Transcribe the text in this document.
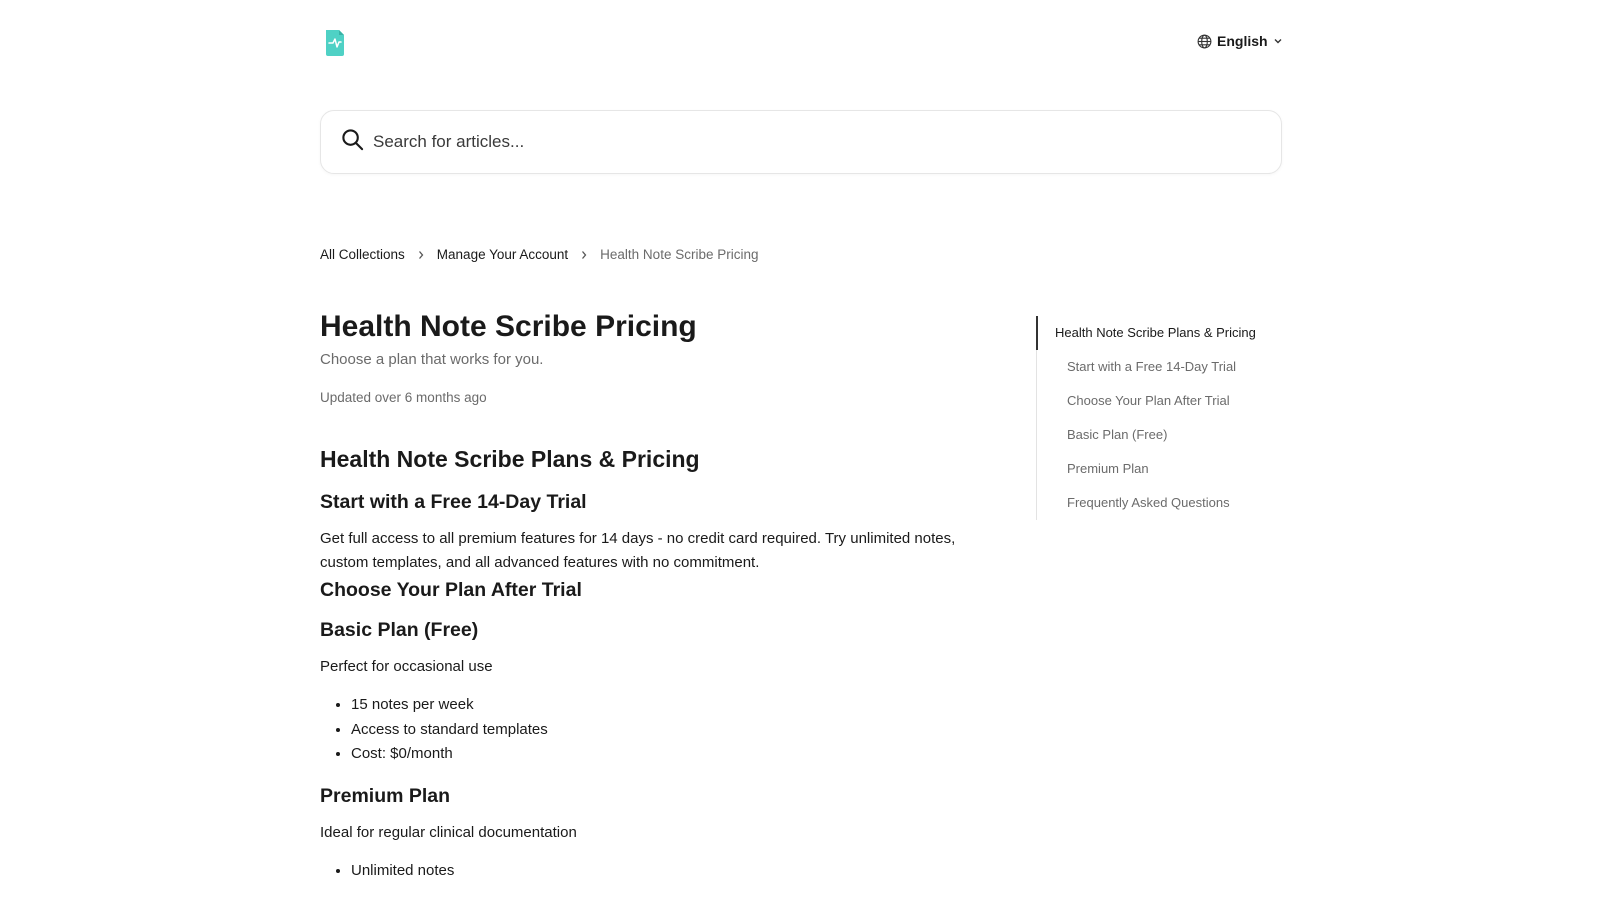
English
Search for articles...
All Collections Manage Your Account Health Note Scribe Pricing
Health Note Scribe Pricing
Choose a plan that works for you.
Updated over 6 months ago
Health Note Scribe Plans & Pricing
Start with a Free 14-Day Trial

Get full access to all premium features for 14 days - no credit card required. Try unlimited notes, custom templates, and all advanced features with no commitment.

Choose Your Plan After Trial
Basic Plan (Free)

Perfect for occasional use

• 15 notes per week
• Access to standard templates
• Cost: $0/month
Premium Plan

Ideal for regular clinical documentation

• Unlimited notes
Health Note Scribe Plans & Pricing
Start with a Free 14-Day Trial
Choose Your Plan After Trial
Basic Plan (Free)
Premium Plan
Frequently Asked Questions
